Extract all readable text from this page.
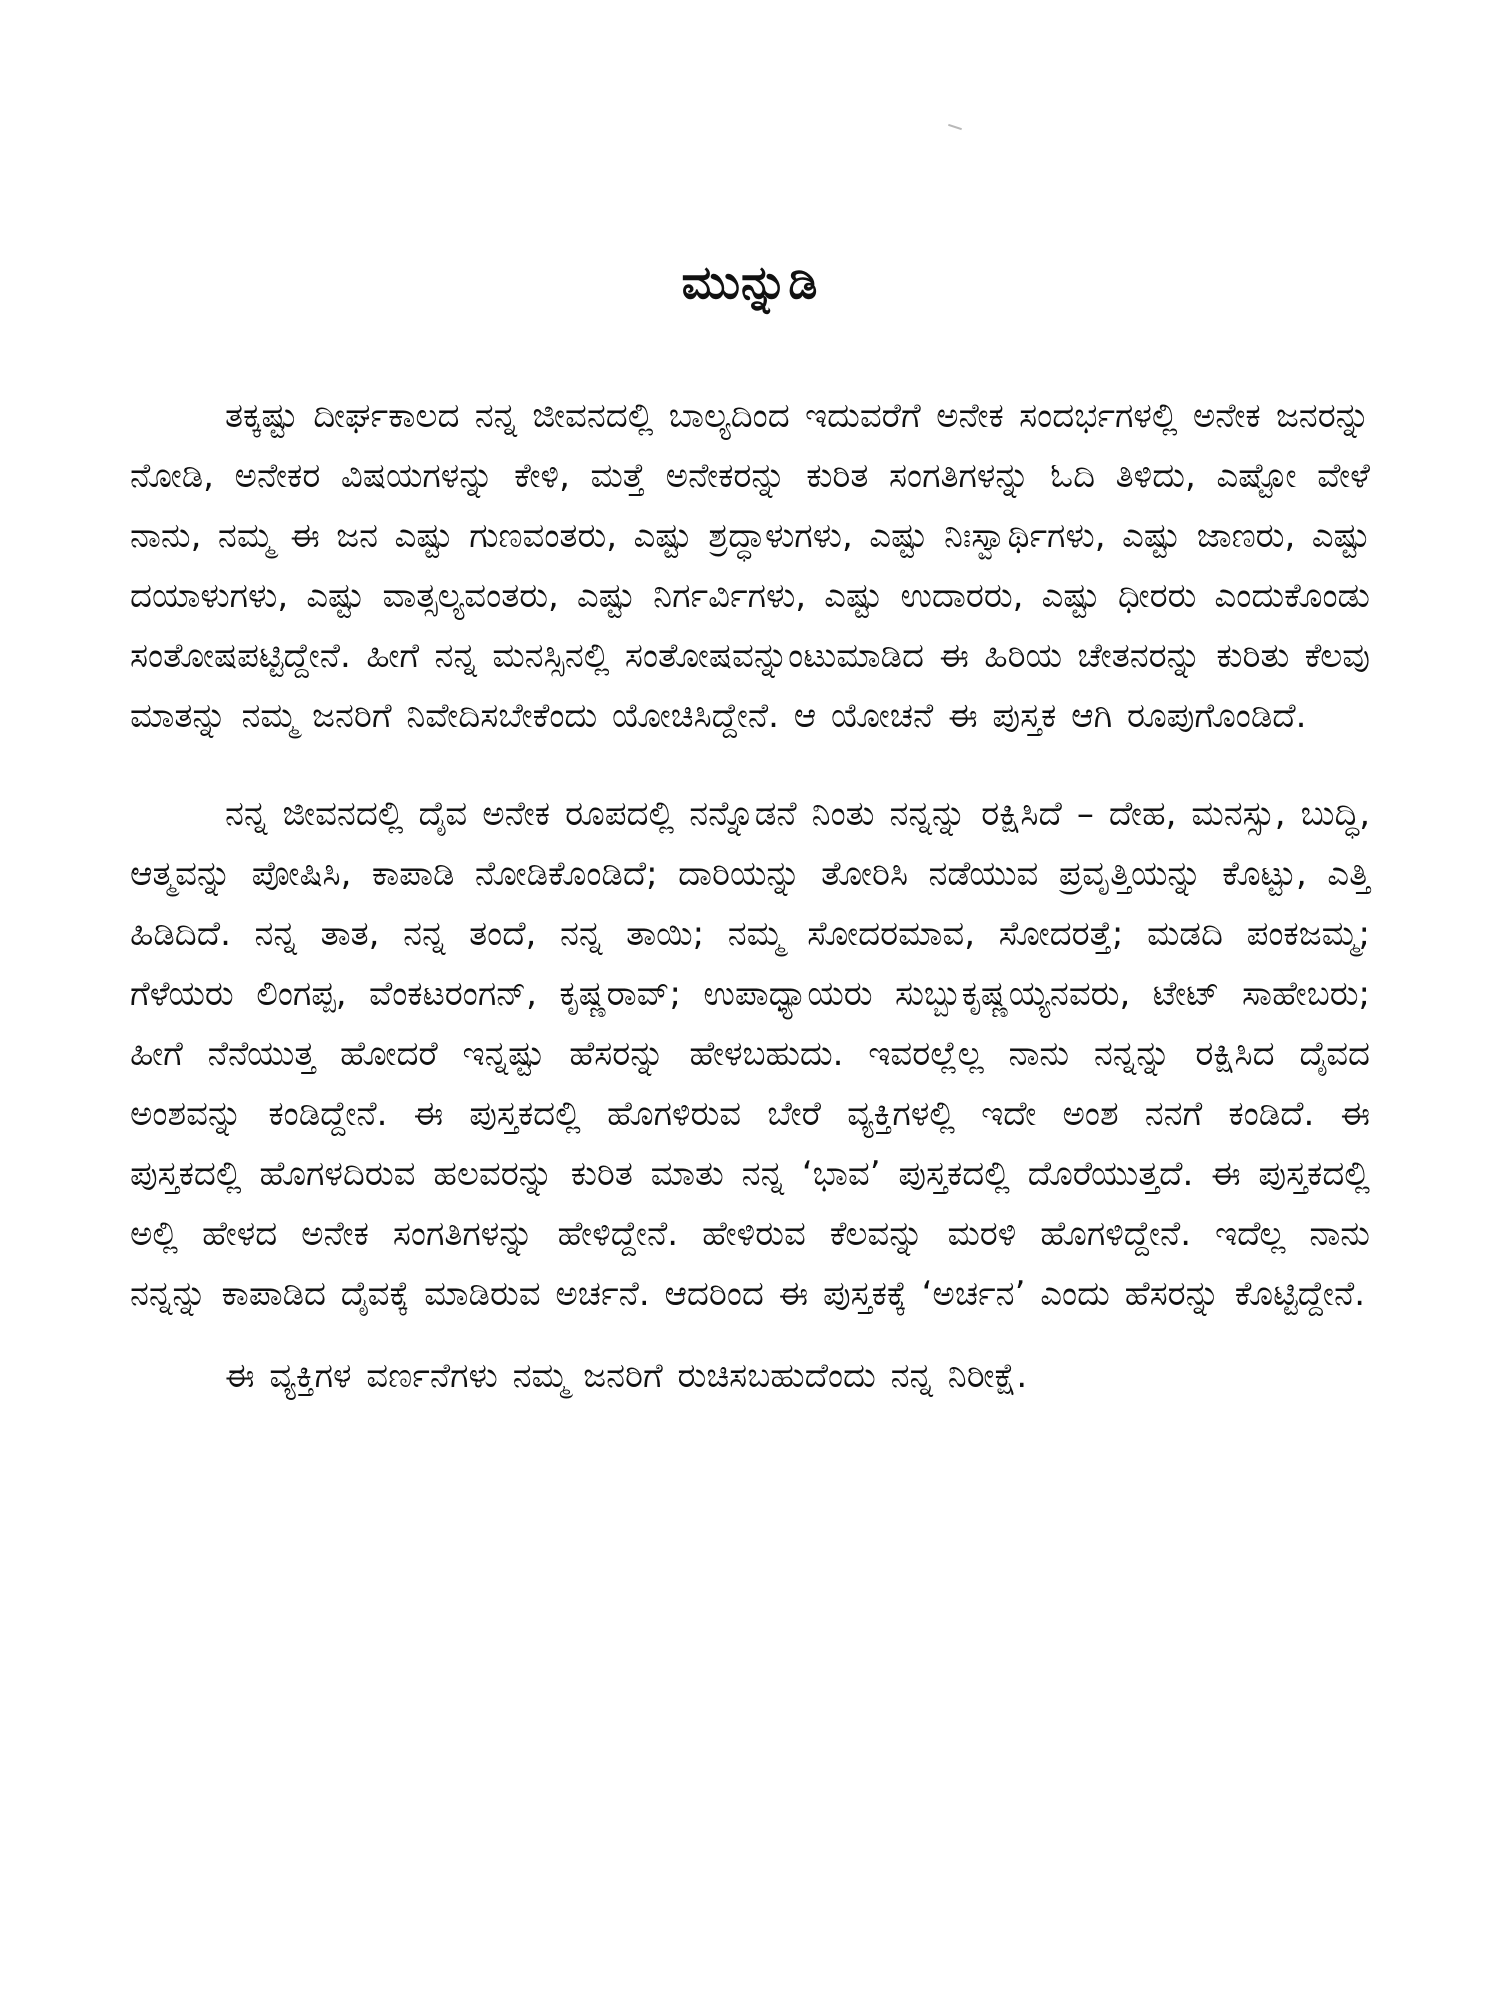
ಮುನ್ನುಡಿ

ತಕ್ಕಷ್ಟು ದೀರ್ಘಕಾಲದ ನನ್ನ ಜೀವನದಲ್ಲಿ ಬಾಲ್ಯದಿಂದ ಇದುವರೆಗೆ ಅನೇಕ ಸಂದರ್ಭಗಳಲ್ಲಿ ಅನೇಕ ಜನರನ್ನು ನೋಡಿ, ಅನೇಕರ ವಿಷಯಗಳನ್ನು ಕೇಳಿ, ಮತ್ತೆ ಅನೇಕರನ್ನು ಕುರಿತ ಸಂಗತಿಗಳನ್ನು ಓದಿ ತಿಳಿದು, ಎಷ್ಟೋ ವೇಳೆ ನಾನು, ನಮ್ಮ ಈ ಜನ ಎಷ್ಟು ಗುಣವಂತರು, ಎಷ್ಟು ಶ್ರದ್ಧಾಳುಗಳು, ಎಷ್ಟು ನಿಃಸ್ವಾರ್ಥಿಗಳು, ಎಷ್ಟು ಜಾಣರು, ಎಷ್ಟು ದಯಾಳುಗಳು, ಎಷ್ಟು ವಾತ್ಸಲ್ಯವಂತರು, ಎಷ್ಟು ನಿರ್ಗರ್ವಿಗಳು, ಎಷ್ಟು ಉದಾರರು, ಎಷ್ಟು ಧೀರರು ಎಂದುಕೊಂಡು ಸಂತೋಷಪಟ್ಟಿದ್ದೇನೆ. ಹೀಗೆ ನನ್ನ ಮನಸ್ಸಿನಲ್ಲಿ ಸಂತೋಷವನ್ನುಂಟುಮಾಡಿದ ಈ ಹಿರಿಯ ಚೇತನರನ್ನು ಕುರಿತು ಕೆಲವು ಮಾತನ್ನು ನಮ್ಮ ಜನರಿಗೆ ನಿವೇದಿಸಬೇಕೆಂದು ಯೋಚಿಸಿದ್ದೇನೆ. ಆ ಯೋಚನೆ ಈ ಪುಸ್ತಕ ಆಗಿ ರೂಪುಗೊಂಡಿದೆ.

ನನ್ನ ಜೀವನದಲ್ಲಿ ದೈವ ಅನೇಕ ರೂಪದಲ್ಲಿ ನನ್ನೊಡನೆ ನಿಂತು ನನ್ನನ್ನು ರಕ್ಷಿಸಿದೆ – ದೇಹ, ಮನಸ್ಸು, ಬುದ್ಧಿ, ಆತ್ಮವನ್ನು ಪೋಷಿಸಿ, ಕಾಪಾಡಿ ನೋಡಿಕೊಂಡಿದೆ; ದಾರಿಯನ್ನು ತೋರಿಸಿ ನಡೆಯುವ ಪ್ರವೃತ್ತಿಯನ್ನು ಕೊಟ್ಟು, ಎತ್ತಿ ಹಿಡಿದಿದೆ. ನನ್ನ ತಾತ, ನನ್ನ ತಂದೆ, ನನ್ನ ತಾಯಿ; ನಮ್ಮ ಸೋದರಮಾವ, ಸೋದರತ್ತೆ; ಮಡದಿ ಪಂಕಜಮ್ಮ; ಗೆಳೆಯರು ಲಿಂಗಪ್ಪ, ವೆಂಕಟರಂಗನ್, ಕೃಷ್ಣರಾವ್; ಉಪಾಧ್ಯಾಯರು ಸುಬ್ಬುಕೃಷ್ಣಯ್ಯನವರು, ಟೇಟ್ ಸಾಹೇಬರು; ಹೀಗೆ ನೆನೆಯುತ್ತ ಹೋದರೆ ಇನ್ನಷ್ಟು ಹೆಸರನ್ನು ಹೇಳಬಹುದು. ಇವರಲ್ಲೆಲ್ಲ ನಾನು ನನ್ನನ್ನು ರಕ್ಷಿಸಿದ ದೈವದ ಅಂಶವನ್ನು ಕಂಡಿದ್ದೇನೆ. ಈ ಪುಸ್ತಕದಲ್ಲಿ ಹೊಗಳಿರುವ ಬೇರೆ ವ್ಯಕ್ತಿಗಳಲ್ಲಿ ಇದೇ ಅಂಶ ನನಗೆ ಕಂಡಿದೆ. ಈ ಪುಸ್ತಕದಲ್ಲಿ ಹೊಗಳದಿರುವ ಹಲವರನ್ನು ಕುರಿತ ಮಾತು ನನ್ನ ‘ಭಾವ’ ಪುಸ್ತಕದಲ್ಲಿ ದೊರೆಯುತ್ತದೆ. ಈ ಪುಸ್ತಕದಲ್ಲಿ ಅಲ್ಲಿ ಹೇಳದ ಅನೇಕ ಸಂಗತಿಗಳನ್ನು ಹೇಳಿದ್ದೇನೆ. ಹೇಳಿರುವ ಕೆಲವನ್ನು ಮರಳಿ ಹೊಗಳಿದ್ದೇನೆ. ಇದೆಲ್ಲ ನಾನು ನನ್ನನ್ನು ಕಾಪಾಡಿದ ದೈವಕ್ಕೆ ಮಾಡಿರುವ ಅರ್ಚನೆ. ಆದರಿಂದ ಈ ಪುಸ್ತಕಕ್ಕೆ ‘ಅರ್ಚನ’ ಎಂದು ಹೆಸರನ್ನು ಕೊಟ್ಟಿದ್ದೇನೆ.

ಈ ವ್ಯಕ್ತಿಗಳ ವರ್ಣನೆಗಳು ನಮ್ಮ ಜನರಿಗೆ ರುಚಿಸಬಹುದೆಂದು ನನ್ನ ನಿರೀಕ್ಷೆ.
